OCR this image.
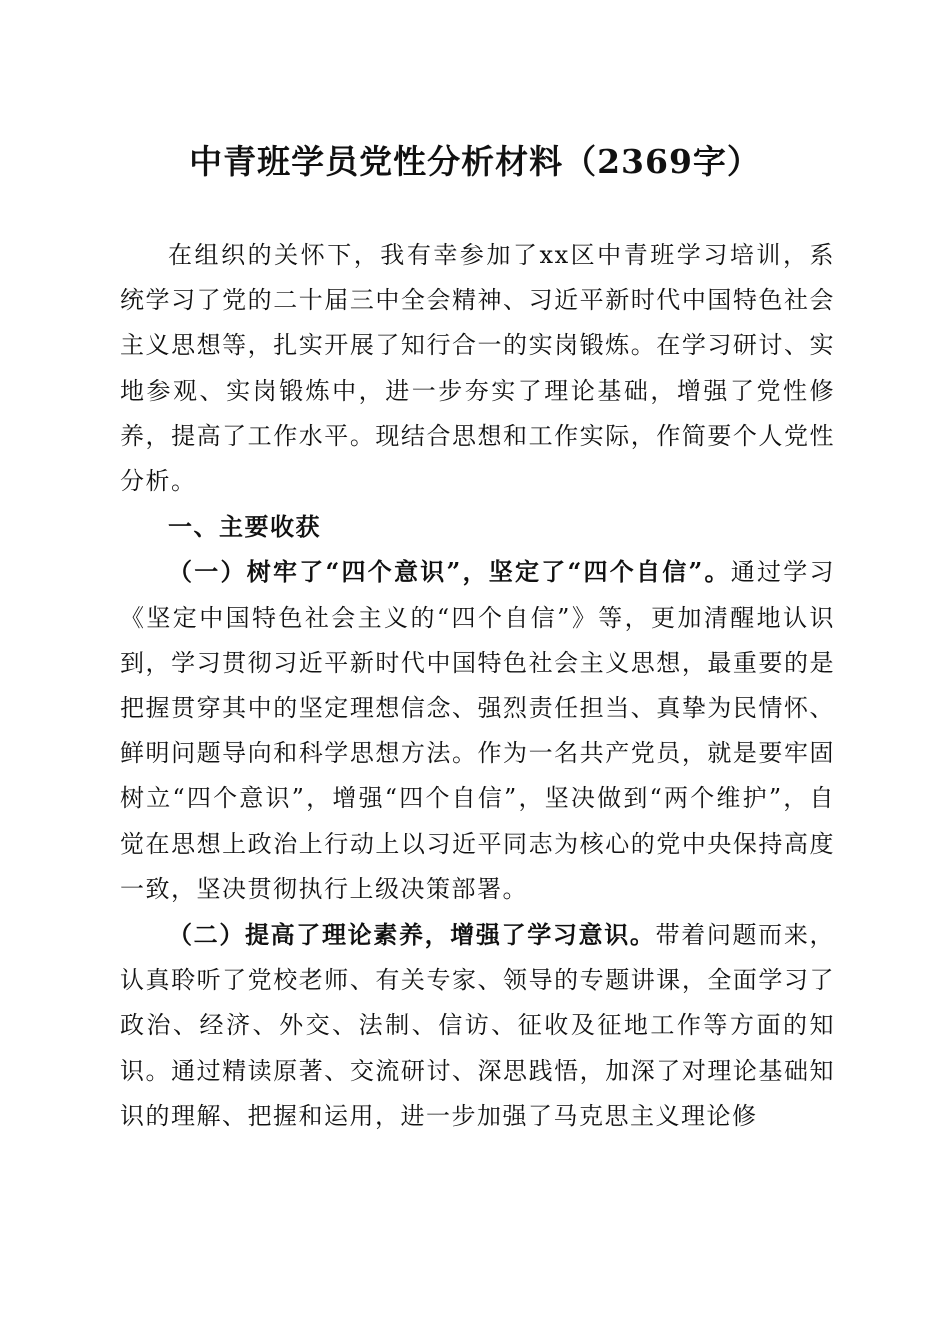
中青班学员党性分析材料（2369字）

在组织的关怀下，我有幸参加了xx区中青班学习培训，系统学习了党的二十届三中全会精神、习近平新时代中国特色社会主义思想等，扎实开展了知行合一的实岗锻炼。在学习研讨、实地参观、实岗锻炼中，进一步夯实了理论基础，增强了党性修养，提高了工作水平。现结合思想和工作实际，作简要个人党性分析。

一、主要收获

（一）树牢了“四个意识”，坚定了“四个自信”。通过学习《坚定中国特色社会主义的“四个自信”》等，更加清醒地认识到，学习贯彻习近平新时代中国特色社会主义思想，最重要的是把握贯穿其中的坚定理想信念、强烈责任担当、真挚为民情怀、鲜明问题导向和科学思想方法。作为一名共产党员，就是要牢固树立“四个意识”，增强“四个自信”，坚决做到“两个维护”，自觉在思想上政治上行动上以习近平同志为核心的党中央保持高度一致，坚决贯彻执行上级决策部署。

（二）提高了理论素养，增强了学习意识。带着问题而来，认真聆听了党校老师、有关专家、领导的专题讲课，全面学习了政治、经济、外交、法制、信访、征收及征地工作等方面的知识。通过精读原著、交流研讨、深思践悟，加深了对理论基础知识的理解、把握和运用，进一步加强了马克思主义理论修
